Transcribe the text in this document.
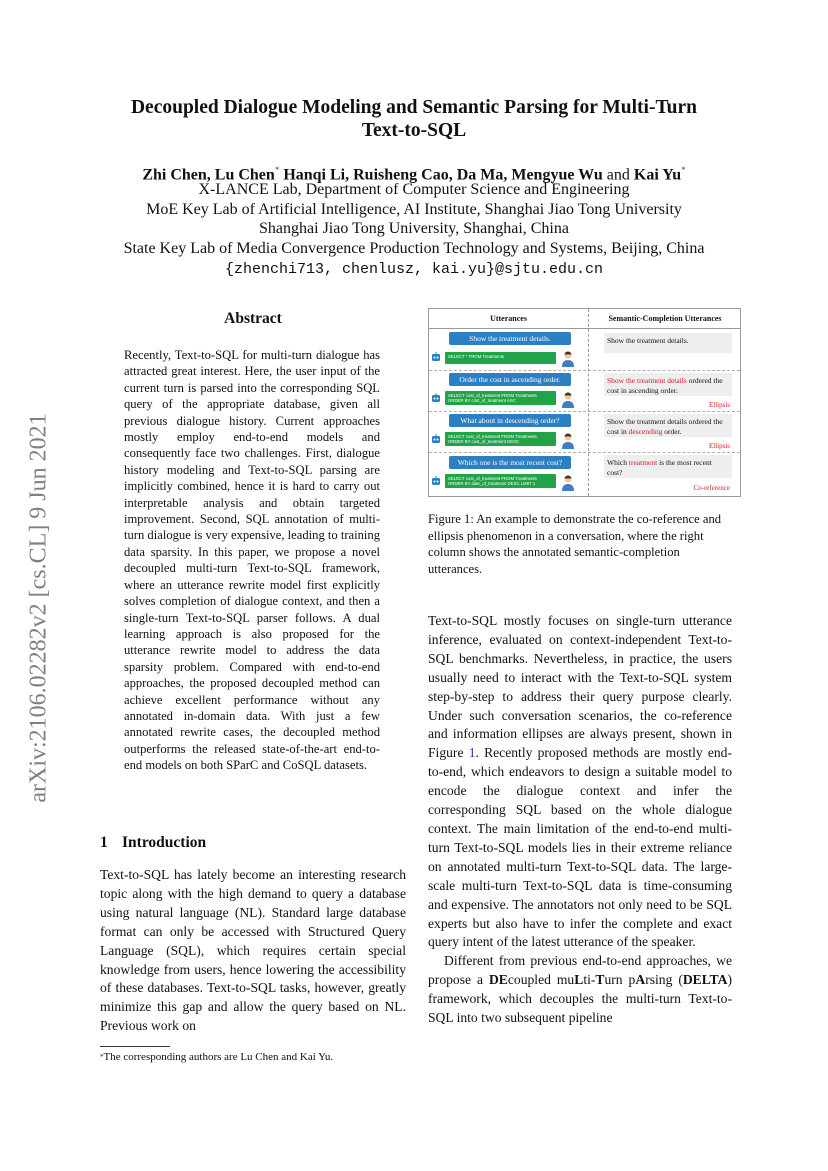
arXiv:2106.02282v2 [cs.CL] 9 Jun 2021
Decoupled Dialogue Modeling and Semantic Parsing for Multi-Turn
Text-to-SQL
Zhi Chen, Lu Chen* Hanqi Li, Ruisheng Cao, Da Ma, Mengyue Wu and Kai Yu*
X-LANCE Lab, Department of Computer Science and Engineering
MoE Key Lab of Artificial Intelligence, AI Institute, Shanghai Jiao Tong University
Shanghai Jiao Tong University, Shanghai, China
State Key Lab of Media Convergence Production Technology and Systems, Beijing, China
{zhenchi713, chenlusz, kai.yu}@sjtu.edu.cn
Abstract
Recently, Text-to-SQL for multi-turn dialogue has attracted great interest. Here, the user input of the current turn is parsed into the corresponding SQL query of the appropriate database, given all previous dialogue history. Current approaches mostly employ end-to-end models and consequently face two challenges. First, dialogue history modeling and Text-to-SQL parsing are implicitly combined, hence it is hard to carry out interpretable analysis and obtain targeted improvement. Second, SQL annotation of multi-turn dialogue is very expensive, leading to training data sparsity. In this paper, we propose a novel decoupled multi-turn Text-to-SQL framework, where an utterance rewrite model first explicitly solves completion of dialogue context, and then a single-turn Text-to-SQL parser follows. A dual learning approach is also proposed for the utterance rewrite model to address the data sparsity problem. Compared with end-to-end approaches, the proposed decoupled method can achieve excellent performance without any annotated in-domain data. With just a few annotated rewrite cases, the decoupled method outperforms the released state-of-the-art end-to-end models on both SParC and CoSQL datasets.
Utterances	Semantic-Completion Utterances
Show the treatment details.
SELECT * FROM Treatments
Show the treatment details.
Order the cost in ascending order.
SELECT cost_of_treatment FROM Treatments
ORDER BY cost_of_treatment ASC
Show the treatment details ordered the cost in ascending order.
Ellipsis
What about in descending order?
SELECT cost_of_treatment FROM Treatments
ORDER BY cost_of_treatment DESC
Show the treatment details ordered the cost in descending order.
Ellipsis
Which one is the most recent cost?
SELECT cost_of_treatment FROM Treatments
ORDER BY date_of_treatment DESC LIMIT 1
Which treatment is the most recent cost?
Co-reference
Figure 1: An example to demonstrate the co-reference and ellipsis phenomenon in a conversation, where the right column shows the annotated semantic-completion utterances.
1 Introduction

Text-to-SQL has lately become an interesting research topic along with the high demand to query a database using natural language (NL). Standard large database format can only be accessed with Structured Query Language (SQL), which requires certain special knowledge from users, hence lowering the accessibility of these databases. Text-to-SQL tasks, however, greatly minimize this gap and allow the query based on NL. Previous work on

Text-to-SQL mostly focuses on single-turn utterance inference, evaluated on context-independent Text-to-SQL benchmarks. Nevertheless, in practice, the users usually need to interact with the Text-to-SQL system step-by-step to address their query purpose clearly. Under such conversation scenarios, the co-reference and information ellipses are always present, shown in Figure 1. Recently proposed methods are mostly end-to-end, which endeavors to design a suitable model to encode the dialogue context and infer the corresponding SQL based on the whole dialogue context. The main limitation of the end-to-end multi-turn Text-to-SQL models lies in their extreme reliance on annotated multi-turn Text-to-SQL data. The large-scale multi-turn Text-to-SQL data is time-consuming and expensive. The annotators not only need to be SQL experts but also have to infer the complete and exact query intent of the latest utterance of the speaker.

Different from previous end-to-end approaches, we propose a DEcoupled muLti-Turn pArsing (DELTA) framework, which decouples the multi-turn Text-to-SQL into two subsequent pipeline

*The corresponding authors are Lu Chen and Kai Yu.
